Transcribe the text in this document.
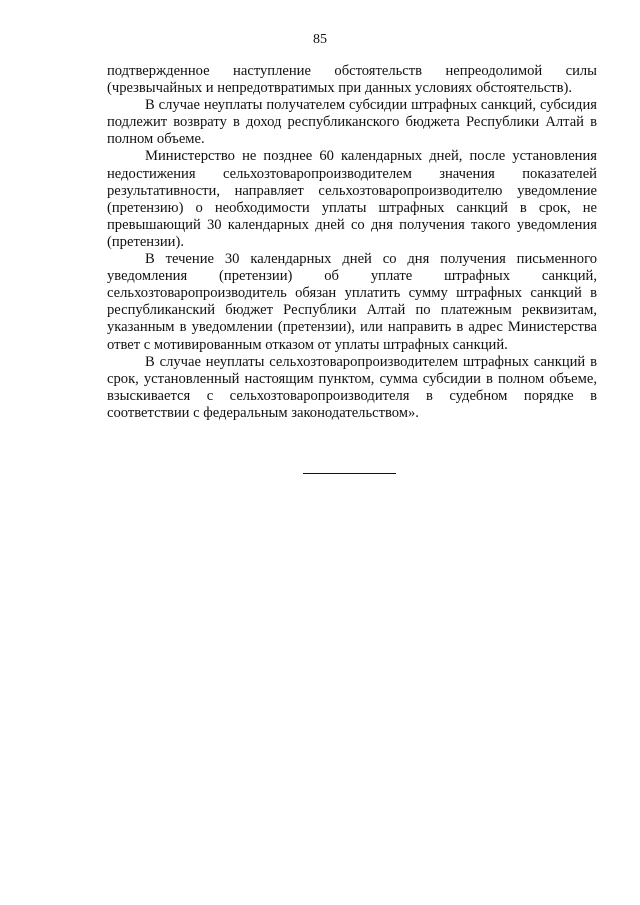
85

подтвержденное наступление обстоятельств непреодолимой силы (чрезвычайных и непредотвратимых при данных условиях обстоятельств).

В случае неуплаты получателем субсидии штрафных санкций, субсидия подлежит возврату в доход республиканского бюджета Республики Алтай в полном объеме.

Министерство не позднее 60 календарных дней, после установления недостижения сельхозтоваропроизводителем значения показателей результативности, направляет сельхозтоваропроизводителю уведомление (претензию) о необходимости уплаты штрафных санкций в срок, не превышающий 30 календарных дней со дня получения такого уведомления (претензии).

В течение 30 календарных дней со дня получения письменного уведомления (претензии) об уплате штрафных санкций, сельхозтоваропроизводитель обязан уплатить сумму штрафных санкций в республиканский бюджет Республики Алтай по платежным реквизитам, указанным в уведомлении (претензии), или направить в адрес Министерства ответ с мотивированным отказом от уплаты штрафных санкций.

В случае неуплаты сельхозтоваропроизводителем штрафных санкций в срок, установленный настоящим пунктом, сумма субсидии в полном объеме, взыскивается с сельхозтоваропроизводителя в судебном порядке в соответствии с федеральным законодательством».
